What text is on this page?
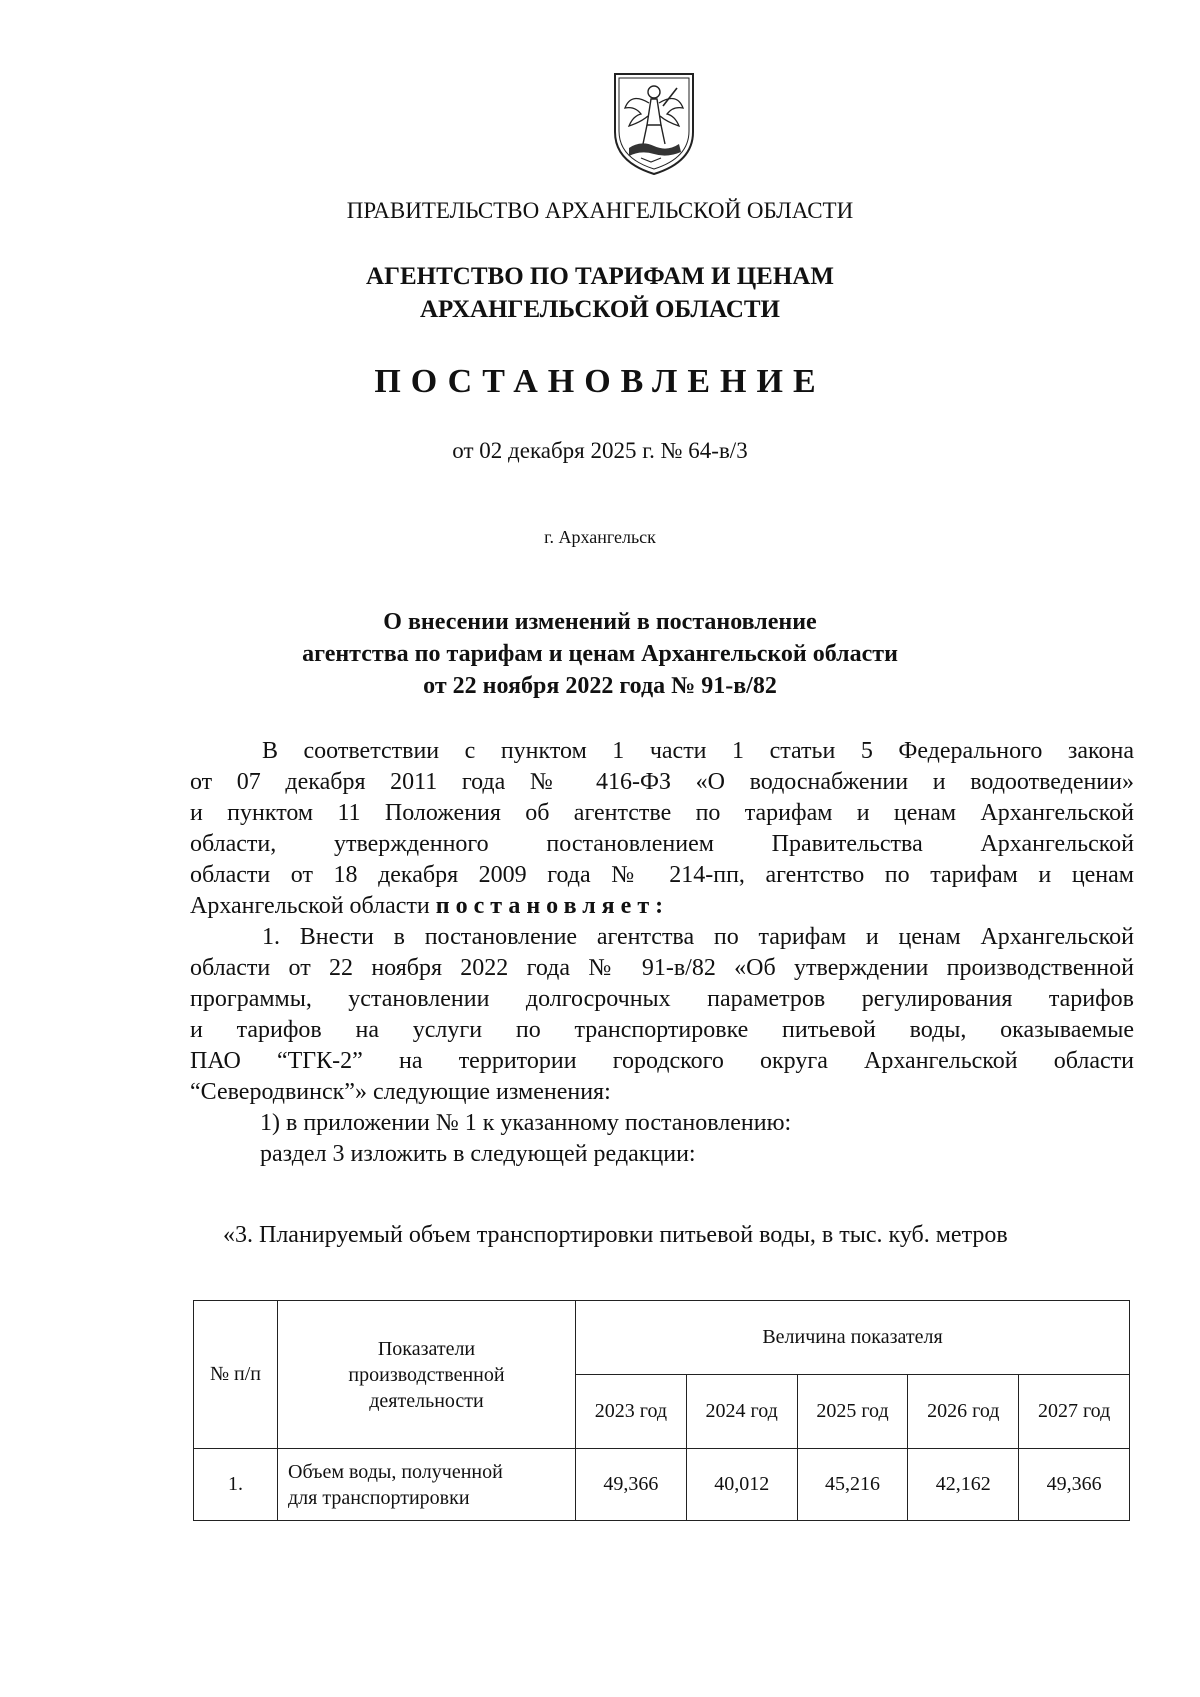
ПРАВИТЕЛЬСТВО АРХАНГЕЛЬСКОЙ ОБЛАСТИ
АГЕНТСТВО ПО ТАРИФАМ И ЦЕНАМ
АРХАНГЕЛЬСКОЙ ОБЛАСТИ
ПОСТАНОВЛЕНИЕ
от 02 декабря 2025 г. № 64-в/3
г. Архангельск
О внесении изменений в постановление
агентства по тарифам и ценам Архангельской области
от 22 ноября 2022 года № 91-в/82
В соответствии с пунктом 1 части 1 статьи 5 Федерального закона
от 07 декабря 2011 года № 416-ФЗ «О водоснабжении и водоотведении»
и пунктом 11 Положения об агентстве по тарифам и ценам Архангельской
области, утвержденного постановлением Правительства Архангельской
области от 18 декабря 2009 года № 214-пп, агентство по тарифам и ценам
Архангельской области постановляет:
1. Внести в постановление агентства по тарифам и ценам Архангельской
области от 22 ноября 2022 года № 91-в/82 «Об утверждении производственной
программы, установлении долгосрочных параметров регулирования тарифов
и тарифов на услуги по транспортировке питьевой воды, оказываемые
ПАО “ТГК-2” на территории городского округа Архангельской области
“Северодвинск”» следующие изменения:
1) в приложении № 1 к указанному постановлению:
раздел 3 изложить в следующей редакции:
«3. Планируемый объем транспортировки питьевой воды, в тыс. куб. метров
№ п/п	Показатели
производственной
деятельности	Величина показателя				
		2023 год	2024 год	2025 год	2026 год	2027 год
1.	Объем воды, полученной
для транспортировки	49,366	40,012	45,216	42,162	49,366
